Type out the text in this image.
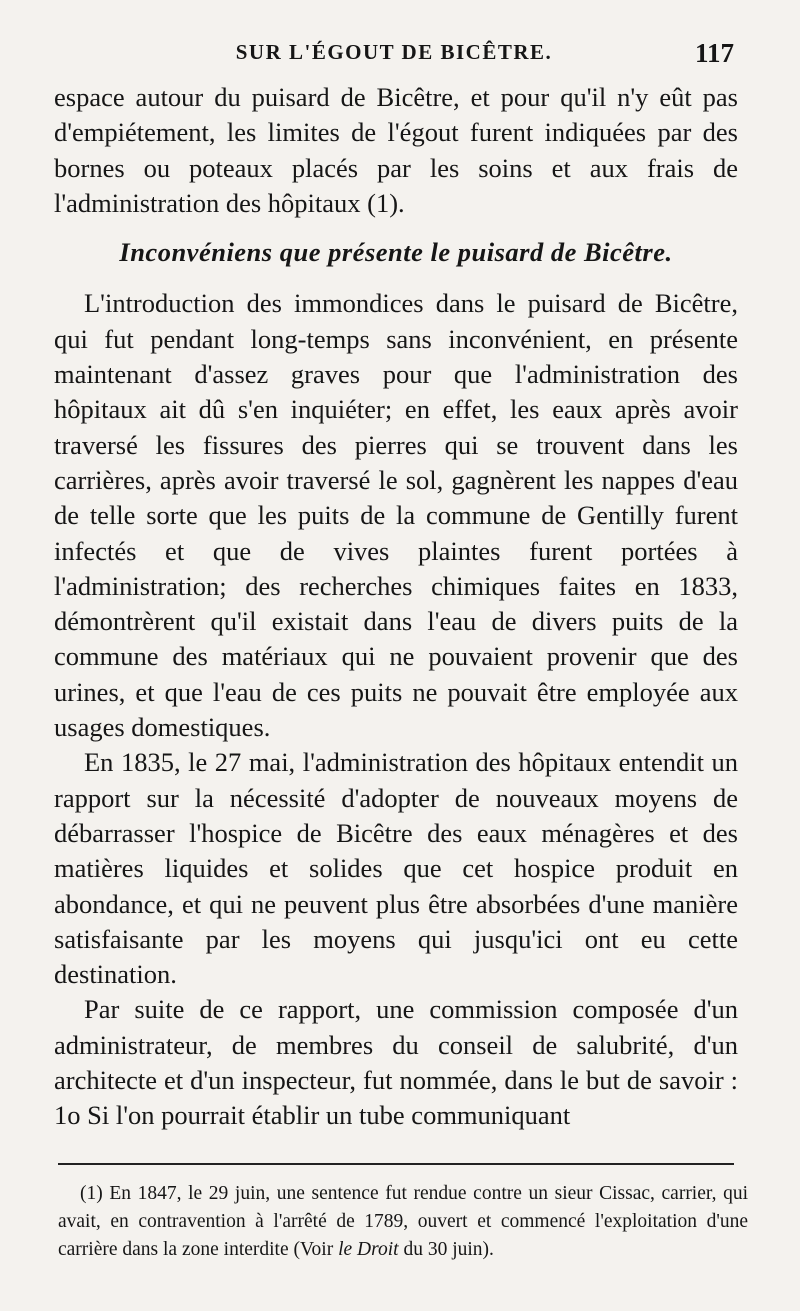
SUR L'ÉGOUT DE BICÊTRE.	117

espace autour du puisard de Bicêtre, et pour qu'il n'y eût pas d'empiétement, les limites de l'égout furent indiquées par des bornes ou poteaux placés par les soins et aux frais de l'administration des hôpitaux (1).

Inconvéniens que présente le puisard de Bicêtre.

L'introduction des immondices dans le puisard de Bicêtre, qui fut pendant long-temps sans inconvénient, en présente maintenant d'assez graves pour que l'administration des hôpitaux ait dû s'en inquiéter; en effet, les eaux après avoir traversé les fissures des pierres qui se trouvent dans les carrières, après avoir traversé le sol, gagnèrent les nappes d'eau de telle sorte que les puits de la commune de Gentilly furent infectés et que de vives plaintes furent portées à l'administration; des recherches chimiques faites en 1833, démontrèrent qu'il existait dans l'eau de divers puits de la commune des matériaux qui ne pouvaient provenir que des urines, et que l'eau de ces puits ne pouvait être employée aux usages domestiques.

En 1835, le 27 mai, l'administration des hôpitaux entendit un rapport sur la nécessité d'adopter de nouveaux moyens de débarrasser l'hospice de Bicêtre des eaux ménagères et des matières liquides et solides que cet hospice produit en abondance, et qui ne peuvent plus être absorbées d'une manière satisfaisante par les moyens qui jusqu'ici ont eu cette destination.

Par suite de ce rapport, une commission composée d'un administrateur, de membres du conseil de salubrité, d'un architecte et d'un inspecteur, fut nommée, dans le but de savoir : 1o Si l'on pourrait établir un tube communiquant

(1) En 1847, le 29 juin, une sentence fut rendue contre un sieur Cissac, carrier, qui avait, en contravention à l'arrêté de 1789, ouvert et commencé l'exploitation d'une carrière dans la zone interdite (Voir le Droit du 30 juin).
